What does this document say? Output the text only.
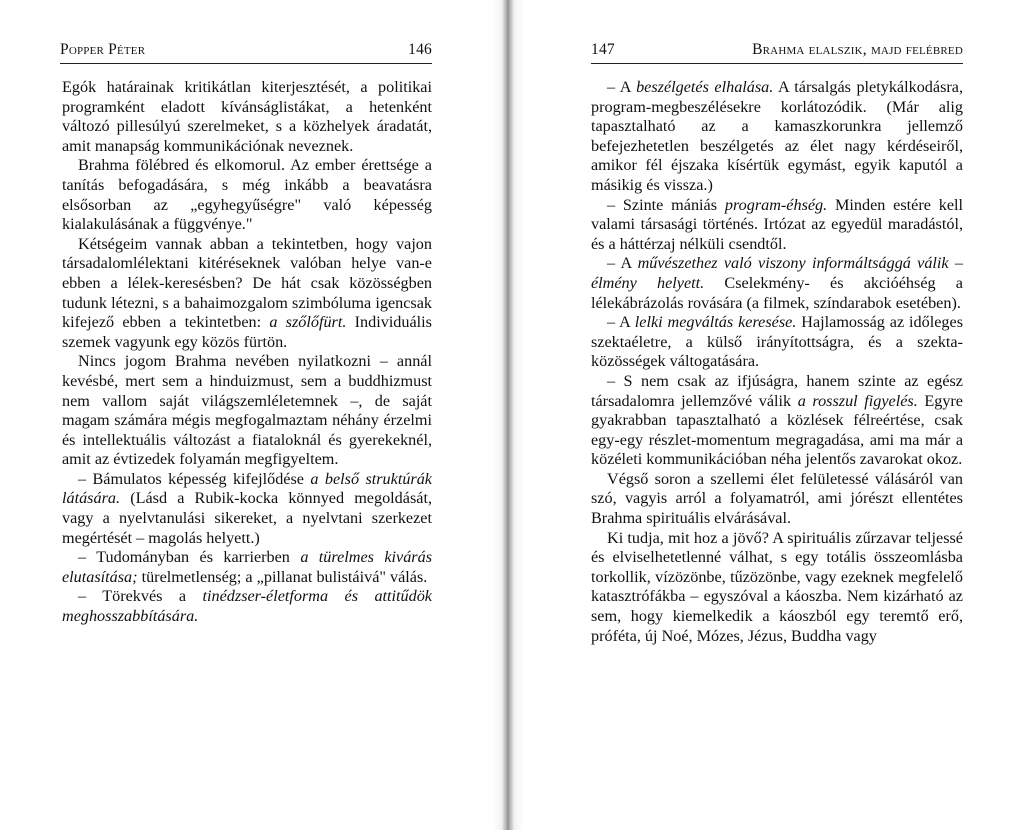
Popper Péter	146

Egók határainak kritikátlan kiterjesztését, a politikai programként eladott kívánságlistákat, a hetenként változó pillesúlyú szerelmeket, s a közhelyek áradatát, amit manapság kommunikációnak neveznek.

Brahma fölébred és elkomorul. Az ember érettsége a tanítás befogadására, s még inkább a beavatásra elsősorban az „egyhegyűségre" való képesség kialakulásának a függvénye."

Kétségeim vannak abban a tekintetben, hogy vajon társadalomlélektani kitéréseknek valóban helye van-e ebben a lélek-keresésben? De hát csak közösségben tudunk létezni, s a bahaimozgalom szimbóluma igencsak kifejező ebben a tekintetben: a szőlőfürt. Individuális szemek vagyunk egy közös fürtön.

Nincs jogom Brahma nevében nyilatkozni – annál kevésbé, mert sem a hinduizmust, sem a buddhizmust nem vallom saját világszemléletemnek –, de saját magam számára mégis megfogalmaztam néhány érzelmi és intellektuális változást a fiataloknál és gyerekeknél, amit az évtizedek folyamán megfigyeltem.

– Bámulatos képesség kifejlődése a belső struktúrák látására. (Lásd a Rubik-kocka könnyed megoldását, vagy a nyelvtanulási sikereket, a nyelvtani szerkezet megértését – magolás helyett.)

– Tudományban és karrierben a türelmes kivárás elutasítása; türelmetlenség; a „pillanat bulistáivá" válás.

– Törekvés a tinédzser-életforma és attitűdök meghosszabbítására.

147	Brahma elalszik, majd felébred

– A beszélgetés elhalása. A társalgás pletykálkodásra, program-megbeszélésekre korlátozódik. (Már alig tapasztalható az a kamaszkorunkra jellemző befejezhetetlen beszélgetés az élet nagy kérdéseiről, amikor fél éjszaka kísértük egymást, egyik kaputól a másikig és vissza.)

– Szinte mániás program-éhség. Minden estére kell valami társasági történés. Irtózat az egyedül maradástól, és a háttérzaj nélküli csendtől.

– A művészethez való viszony informáltsággá válik – élmény helyett. Cselekmény- és akcióéhség a lélekábrázolás rovására (a filmek, színdarabok esetében).

– A lelki megváltás keresése. Hajlamosság az időleges szektaéletre, a külső irányítottságra, és a szekta-közösségek váltogatására.

– S nem csak az ifjúságra, hanem szinte az egész társadalomra jellemzővé válik a rosszul figyelés. Egyre gyakrabban tapasztalható a közlések félreértése, csak egy-egy részlet-momentum megragadása, ami ma már a közéleti kommunikációban néha jelentős zavarokat okoz.

Végső soron a szellemi élet felületessé válásáról van szó, vagyis arról a folyamatról, ami jórészt ellentétes Brahma spirituális elvárásával.

Ki tudja, mit hoz a jövő? A spirituális zűrzavar teljessé és elviselhetetlenné válhat, s egy totális összeomlásba torkollik, vízözönbe, tűzözönbe, vagy ezeknek megfelelő katasztrófákba – egyszóval a káoszba. Nem kizárható az sem, hogy kiemelkedik a káoszból egy teremtő erő, próféta, új Noé, Mózes, Jézus, Buddha vagy
